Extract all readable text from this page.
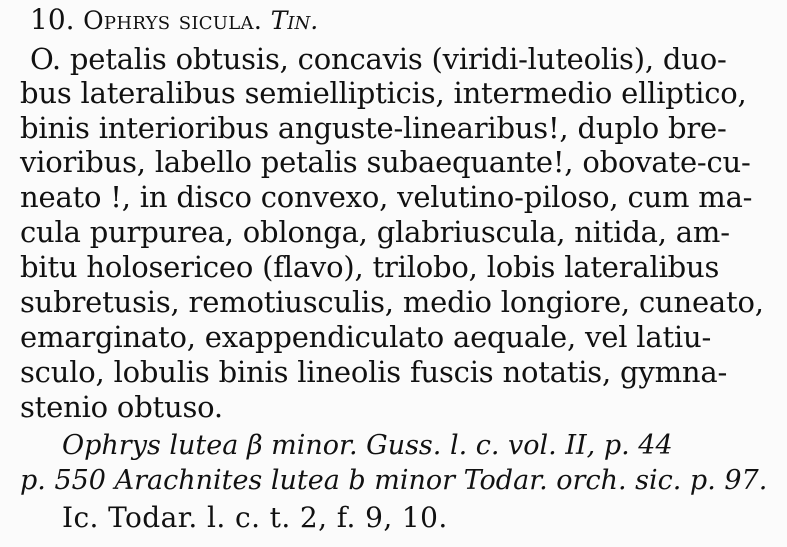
10. Ophrys sicula. Tin.
O. petalis obtusis, concavis (viridi-luteolis), duo-
bus lateralibus semiellipticis, intermedio elliptico,
binis interioribus anguste-linearibus!, duplo bre-
vioribus, labello petalis subaequante!, obovate-cu-
neato !, in disco convexo, velutino-piloso, cum ma-
cula purpurea, oblonga, glabriuscula, nitida, am-
bitu holosericeo (flavo), trilobo, lobis lateralibus
subretusis, remotiusculis, medio longiore, cuneato,
emarginato, exappendiculato aequale, vel latiu-
sculo, lobulis binis lineolis fuscis notatis, gymna-
stenio obtuso.
Ophrys lutea β minor. Guss. l. c. vol. II, p. 44
p. 550 Arachnites lutea b minor Todar. orch. sic. p. 97.
Ic. Todar. l. c. t. 2, f. 9, 10.
